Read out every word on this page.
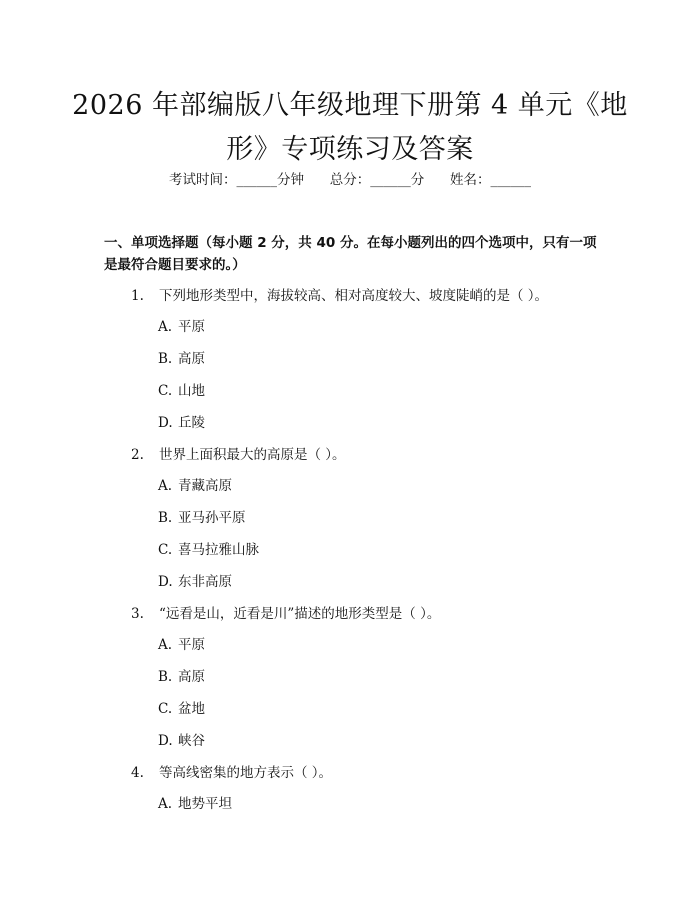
2026 年部编版八年级地理下册第 4 单元《地
形》专项练习及答案
考试时间：______分钟      总分：______分      姓名：______
一、单项选择题（每小题 2 分，共 40 分。在每小题列出的四个选项中，只有一项
是最符合题目要求的。）
1. 下列地形类型中，海拔较高、相对高度较大、坡度陡峭的是（ ）。
A. 平原
B. 高原
C. 山地
D. 丘陵
2. 世界上面积最大的高原是（ ）。
A. 青藏高原
B. 亚马孙平原
C. 喜马拉雅山脉
D. 东非高原
3. “远看是山，近看是川”描述的地形类型是（ ）。
A. 平原
B. 高原
C. 盆地
D. 峡谷
4. 等高线密集的地方表示（ ）。
A. 地势平坦
